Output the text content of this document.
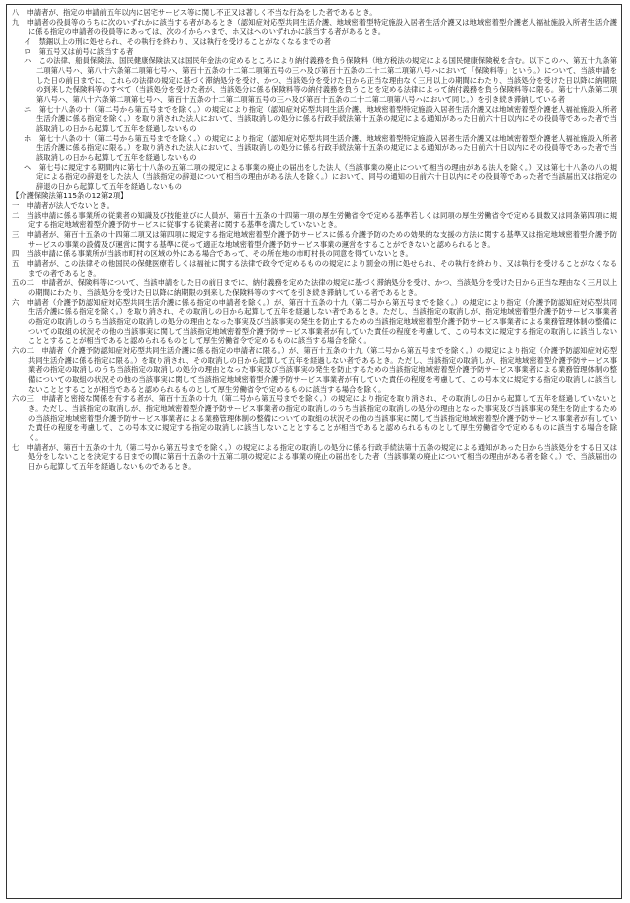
八　申請者が、指定の申請前五年以内に居宅サービス等に関し不正又は著しく不当な行為をした者であるとき。

九　申請者の役員等のうちに次のいずれかに該当する者があるとき（認知症対応型共同生活介護、地域密着型特定施設入居者生活介護又は地域密着型介護老人福祉施設入所者生活介護に係る指定の申請者の役員等にあっては、次のイからハまで、ホ又はヘのいずれかに該当する者があるとき。

イ　禁錮以上の刑に処せられ、その執行を終わり、又は執行を受けることがなくなるまでの者

ロ　第五号又は前号に該当する者

ハ　この法律、船員保険法、国民健康保険法又は国民年金法の定めるところにより納付義務を負う保険料（地方税法の規定による国民健康保険税を含む。以下このハ、第五十九条第二項第八号ハ、第八十六条第二項第七号ハ、第百十五条の十二第二項第五号の三ハ及び第百十五条の二十二第二項第八号ハにおいて「保険料等」という。）について、当該申請をした日の前日までに、これらの法律の規定に基づく滞納処分を受け、かつ、当該処分を受けた日から正当な理由なく三月以上の期間にわたり、当該処分を受けた日以降に納期限の到来した保険料等のすべて（当該処分を受けた者が、当該処分に係る保険料等の納付義務を負うことを定める法律によって納付義務を負う保険料等に限る。第七十八条第二項第八号ハ、第八十六条第二項第七号ハ、第百十五条の十二第二項第五号の三ハ及び第百十五条の二十二第二項第八号ハにおいて同じ。）を引き続き滞納している者

ニ　第七十八条の十（第二号から第五号までを除く。）の規定により指定（認知症対応型共同生活介護、地域密着型特定施設入居者生活介護又は地域密着型介護老人福祉施設入所者生活介護に係る指定を除く。）を取り消された法人において、当該取消しの処分に係る行政手続法第十五条の規定による通知があった日前六十日以内にその役員等であった者で当該取消しの日から起算して五年を経過しないもの

ホ　第七十八条の十（第二号から第五号までを除く。）の規定により指定（認知症対応型共同生活介護、地域密着型特定施設入居者生活介護又は地域密着型介護老人福祉施設入所者生活介護に係る指定に限る。）を取り消された法人において、当該取消しの処分に係る行政手続法第十五条の規定による通知があった日前六十日以内にその役員等であった者で当該取消しの日から起算して五年を経過しないもの

ヘ　第七号に規定する期間内に第七十八条の五第二項の規定による事業の廃止の届出をした法人（当該事業の廃止について相当の理由がある法人を除く。）又は第七十八条の八の規定による指定の辞退をした法人（当該指定の辞退について相当の理由がある法人を除く。）において、同号の通知の日前六十日以内にその役員等であった者で当該届出又は指定の辞退の日から起算して五年を経過しないもの

【介護保険法第115条の12第2項】

一　申請者が法人でないとき。

二　当該申請に係る事業所の従業者の知識及び技能並びに人員が、第百十五条の十四第一項の厚生労働省令で定める基準若しくは同項の厚生労働省令で定める員数又は同条第四項に規定する指定地域密着型介護予防サービスに従事する従業者に関する基準を満たしていないとき。

三　申請者が、第百十五条の十四第二項又は第四項に規定する指定地域密着型介護予防サービスに係る介護予防のための効果的な支援の方法に関する基準又は指定地域密着型介護予防サービスの事業の設備及び運営に関する基準に従って適正な地域密着型介護予防サービス事業の運営をすることができないと認められるとき。

四　当該申請に係る事業所が当該市町村の区域の外にある場合であって、その所在地の市町村長の同意を得ていないとき。

五　申請者が、この法律その他国民の保健医療若しくは福祉に関する法律で政令で定めるものの規定により罰金の刑に処せられ、その執行を終わり、又は執行を受けることがなくなるまでの者であるとき。

五の二　申請者が、保険料等について、当該申請をした日の前日までに、納付義務を定めた法律の規定に基づく滞納処分を受け、かつ、当該処分を受けた日から正当な理由なく三月以上の期間にわたり、当該処分を受けた日以降に納期限の到来した保険料等のすべてを引き続き滞納している者であるとき。

六　申請者（介護予防認知症対応型共同生活介護に係る指定の申請者を除く。）が、第百十五条の十九（第二号から第五号までを除く。）の規定により指定（介護予防認知症対応型共同生活介護に係る指定を除く。）を取り消され、その取消しの日から起算して五年を経過しない者であるとき。ただし、当該指定の取消しが、指定地域密着型介護予防サービス事業者の指定の取消しのうち当該指定の取消しの処分の理由となった事実及び当該事実の発生を防止するための当該指定地域密着型介護予防サービス事業者による業務管理体制の整備についての取組の状況その他の当該事実に関して当該指定地域密着型介護予防サービス事業者が有していた責任の程度を考慮して、この号本文に規定する指定の取消しに該当しないこととすることが相当であると認められるものとして厚生労働省令で定めるものに該当する場合を除く。

六の二　申請者（介護予防認知症対応型共同生活介護に係る指定の申請者に限る。）が、第百十五条の十九（第二号から第五号までを除く。）の規定により指定（介護予防認知症対応型共同生活介護に係る指定に限る。）を取り消され、その取消しの日から起算して五年を経過しない者であるとき。ただし、当該指定の取消しが、指定地域密着型介護予防サービス事業者の指定の取消しのうち当該指定の取消しの処分の理由となった事実及び当該事実の発生を防止するための当該指定地域密着型介護予防サービス事業者による業務管理体制の整備についての取組の状況その他の当該事実に関して当該指定地域密着型介護予防サービス事業者が有していた責任の程度を考慮して、この号本文に規定する指定の取消しに該当しないこととすることが相当であると認められるものとして厚生労働省令で定めるものに該当する場合を除く。

六の三　申請者と密接な関係を有する者が、第百十五条の十九（第二号から第五号までを除く。）の規定により指定を取り消され、その取消しの日から起算して五年を経過していないとき。ただし、当該指定の取消しが、指定地域密着型介護予防サービス事業者の指定の取消しのうち当該指定の取消しの処分の理由となった事実及び当該事実の発生を防止するための当該指定地域密着型介護予防サービス事業者による業務管理体制の整備についての取組の状況その他の当該事実に関して当該指定地域密着型介護予防サービス事業者が有していた責任の程度を考慮して、この号本文に規定する指定の取消しに該当しないこととすることが相当であると認められるものとして厚生労働省令で定めるものに該当する場合を除く。

七　申請者が、第百十五条の十九（第二号から第五号までを除く。）の規定による指定の取消しの処分に係る行政手続法第十五条の規定による通知があった日から当該処分をする日又は処分をしないことを決定する日までの間に第百十五条の十五第二項の規定による事業の廃止の届出をした者（当該事業の廃止について相当の理由がある者を除く。）で、当該届出の日から起算して五年を経過しないものであるとき。
